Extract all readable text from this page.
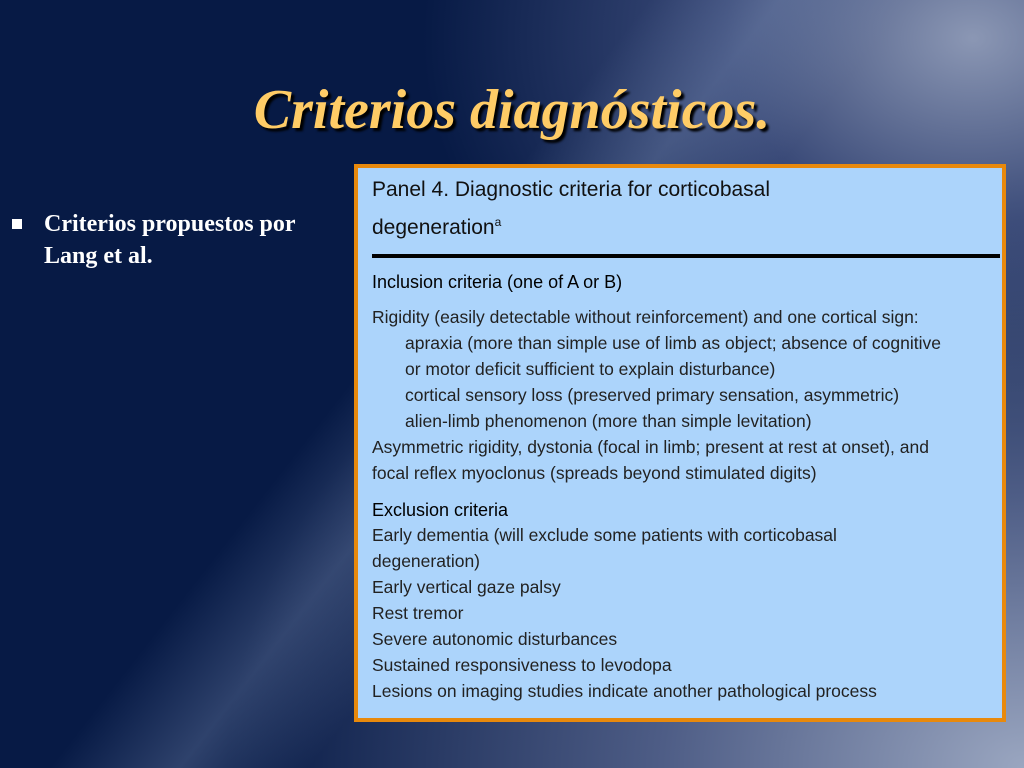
Criterios diagnósticos.
Criterios propuestos por Lang et al.
Panel 4. Diagnostic criteria for corticobasal
degeneration$^a$
Inclusion criteria (one of A or B)
Rigidity (easily detectable without reinforcement) and one cortical sign:
apraxia (more than simple use of limb as object; absence of cognitive
or motor deficit sufficient to explain disturbance)
cortical sensory loss (preserved primary sensation, asymmetric)
alien-limb phenomenon (more than simple levitation)
Asymmetric rigidity, dystonia (focal in limb; present at rest at onset), and
focal reflex myoclonus (spreads beyond stimulated digits)
Exclusion criteria
Early dementia (will exclude some patients with corticobasal
degeneration)
Early vertical gaze palsy
Rest tremor
Severe autonomic disturbances
Sustained responsiveness to levodopa
Lesions on imaging studies indicate another pathological process
